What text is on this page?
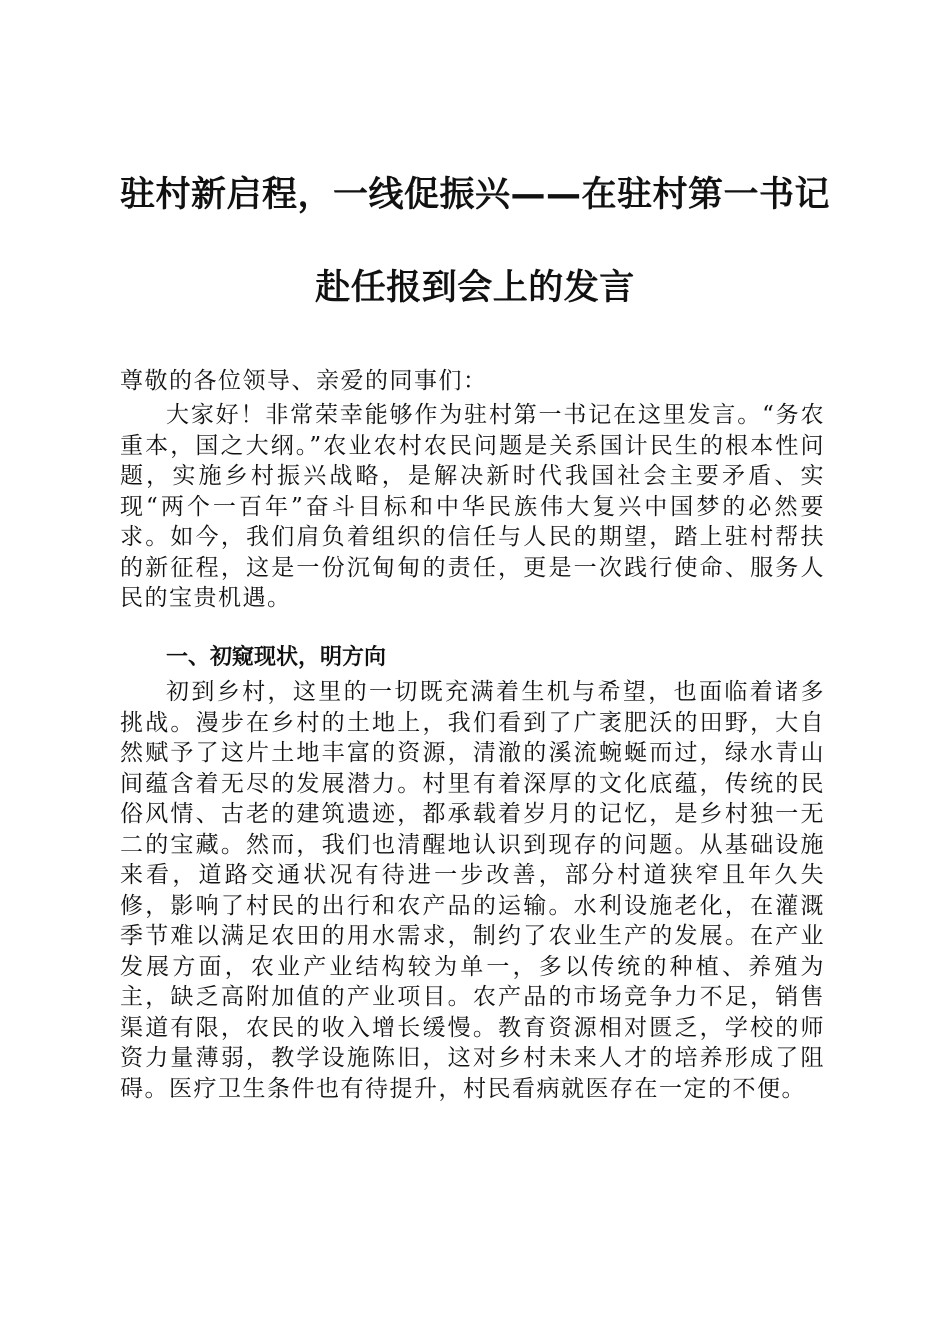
驻村新启程，一线促振兴——在驻村第一书记
赴任报到会上的发言
尊敬的各位领导、亲爱的同事们：

大家好！非常荣幸能够作为驻村第一书记在这里发言。“务农重本，国之大纲。”农业农村农民问题是关系国计民生的根本性问题，实施乡村振兴战略，是解决新时代我国社会主要矛盾、实现“两个一百年”奋斗目标和中华民族伟大复兴中国梦的必然要求。如今，我们肩负着组织的信任与人民的期望，踏上驻村帮扶的新征程，这是一份沉甸甸的责任，更是一次践行使命、服务人民的宝贵机遇。

一、初窥现状，明方向

初到乡村，这里的一切既充满着生机与希望，也面临着诸多挑战。漫步在乡村的土地上，我们看到了广袤肥沃的田野，大自然赋予了这片土地丰富的资源，清澈的溪流蜿蜒而过，绿水青山间蕴含着无尽的发展潜力。村里有着深厚的文化底蕴，传统的民俗风情、古老的建筑遗迹，都承载着岁月的记忆，是乡村独一无二的宝藏。然而，我们也清醒地认识到现存的问题。从基础设施来看，道路交通状况有待进一步改善，部分村道狭窄且年久失修，影响了村民的出行和农产品的运输。水利设施老化，在灌溉季节难以满足农田的用水需求，制约了农业生产的发展。在产业发展方面，农业产业结构较为单一，多以传统的种植、养殖为主，缺乏高附加值的产业项目。农产品的市场竞争力不足，销售渠道有限，农民的收入增长缓慢。教育资源相对匮乏，学校的师资力量薄弱，教学设施陈旧，这对乡村未来人才的培养形成了阻碍。医疗卫生条件也有待提升，村民看病就医存在一定的不便。
